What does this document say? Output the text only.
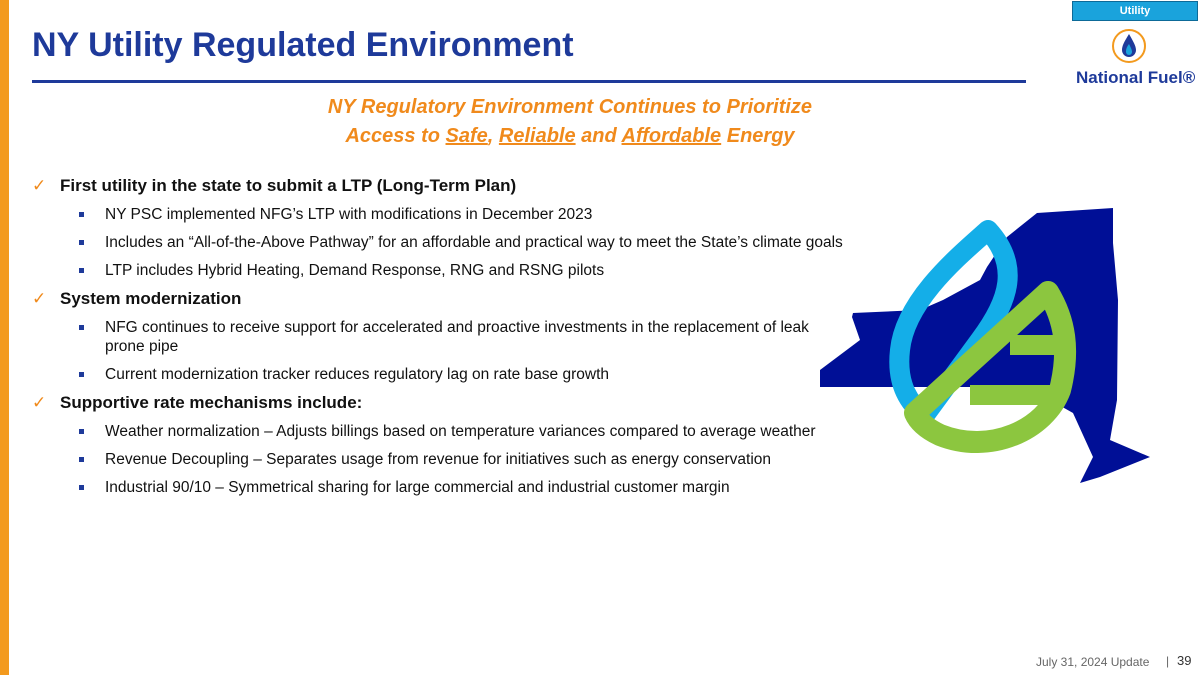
NY Utility Regulated Environment
Utility
National Fuel®
NY Regulatory Environment Continues to Prioritize
Access to Safe, Reliable and Affordable Energy
✓ First utility in the state to submit a LTP (Long-Term Plan)
NY PSC implemented NFG’s LTP with modifications in December 2023
Includes an “All-of-the-Above Pathway” for an affordable and practical way to meet the State’s climate goals
LTP includes Hybrid Heating, Demand Response, RNG and RSNG pilots
✓ System modernization
NFG continues to receive support for accelerated and proactive investments in the replacement of leak prone pipe
Current modernization tracker reduces regulatory lag on rate base growth
✓ Supportive rate mechanisms include:
Weather normalization – Adjusts billings based on temperature variances compared to average weather
Revenue Decoupling – Separates usage from revenue for initiatives such as energy conservation
Industrial 90/10 – Symmetrical sharing for large commercial and industrial customer margin
July 31, 2024 Update | 39
